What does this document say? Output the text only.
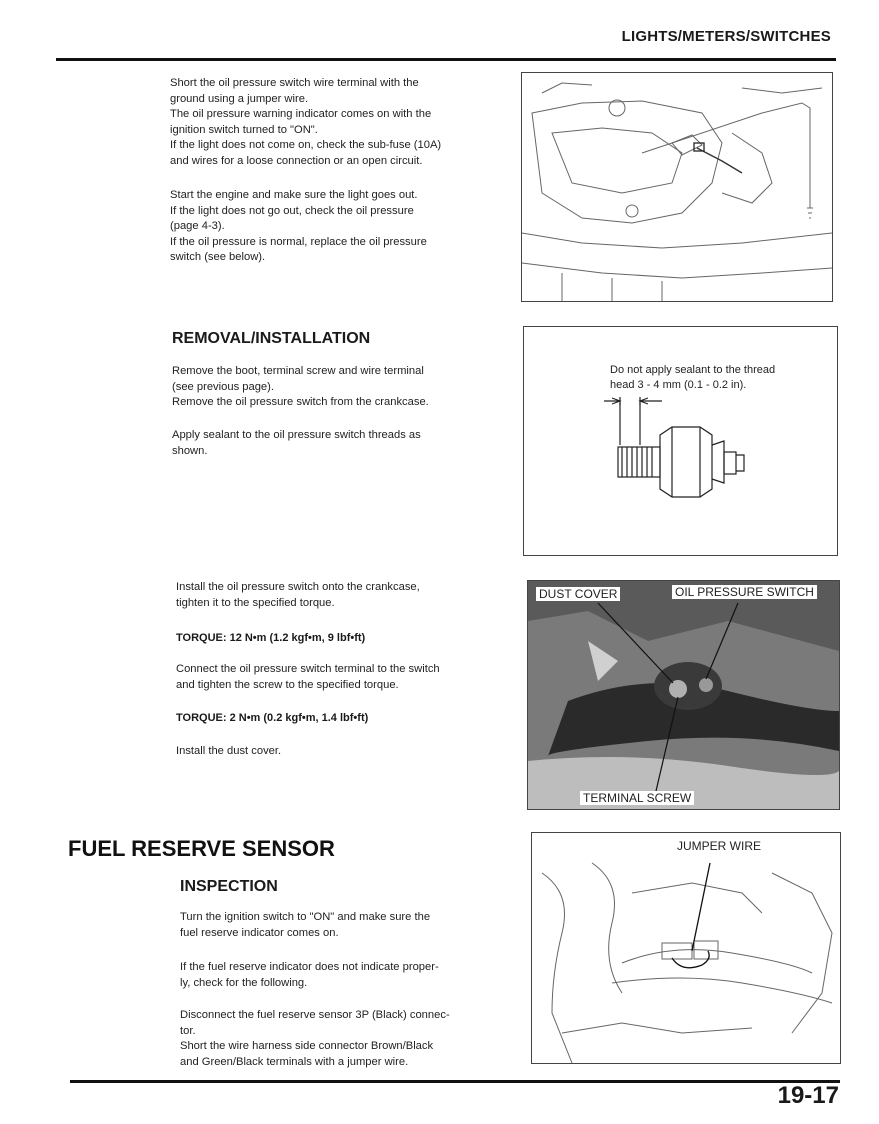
LIGHTS/METERS/SWITCHES
Short the oil pressure switch wire terminal with the
ground using a jumper wire.
The oil pressure warning indicator comes on with the
ignition switch turned to "ON".
If the light does not come on, check the sub-fuse (10A)
and wires for a loose connection or an open circuit.
Start the engine and make sure the light goes out.
If the light does not go out, check the oil pressure
(page 4-3).
If the oil pressure is normal, replace the oil pressure
switch (see below).
REMOVAL/INSTALLATION
Remove the boot, terminal screw and wire terminal
(see previous page).
Remove the oil pressure switch from the crankcase.
Apply sealant to the oil pressure switch threads as
shown.
Do not apply sealant to the thread
head 3 - 4 mm (0.1 - 0.2 in).
Install the oil pressure switch onto the crankcase,
tighten it to the specified torque.
TORQUE: 12 N•m (1.2 kgf•m, 9 lbf•ft)
Connect the oil pressure switch terminal to the switch
and tighten the screw to the specified torque.
TORQUE: 2 N•m (0.2 kgf•m, 1.4 lbf•ft)
Install the dust cover.
DUST COVER	OIL PRESSURE SWITCH
TERMINAL SCREW
FUEL RESERVE SENSOR
INSPECTION
Turn the ignition switch to "ON" and make sure the
fuel reserve indicator comes on.
If the fuel reserve indicator does not indicate proper-
ly, check for the following.
Disconnect the fuel reserve sensor 3P (Black) connec-
tor.
Short the wire harness side connector Brown/Black
and Green/Black terminals with a jumper wire.
JUMPER WIRE
19-17
